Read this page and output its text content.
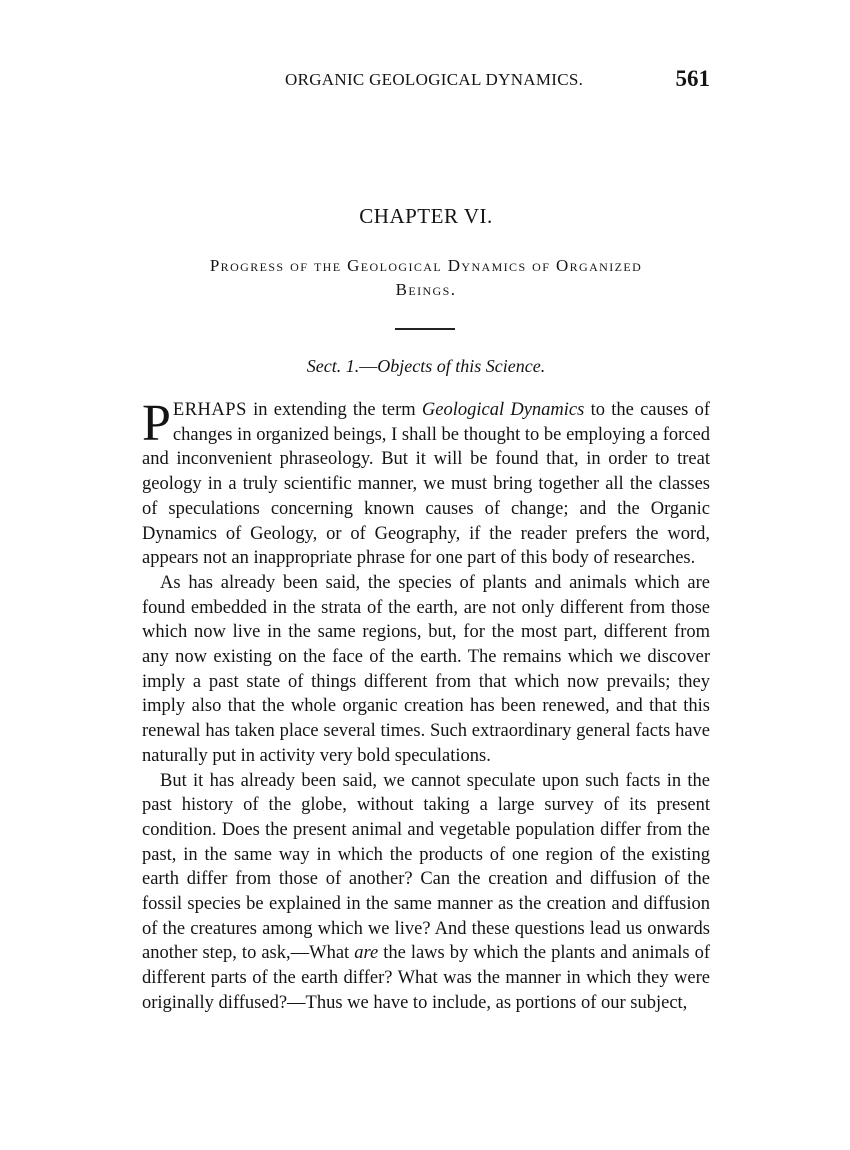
ORGANIC GEOLOGICAL DYNAMICS.	561
CHAPTER VI.
Progress of the Geological Dynamics of Organized
Beings.
Sect. 1.—Objects of this Science.

PERHAPS in extending the term Geological Dynamics to the causes of changes in organized beings, I shall be thought to be employing a forced and inconvenient phraseology. But it will be found that, in order to treat geology in a truly scientific manner, we must bring together all the classes of speculations concerning known causes of change; and the Organic Dynamics of Geology, or of Geography, if the reader prefers the word, appears not an inappropriate phrase for one part of this body of researches.

As has already been said, the species of plants and animals which are found embedded in the strata of the earth, are not only different from those which now live in the same regions, but, for the most part, different from any now existing on the face of the earth. The remains which we discover imply a past state of things different from that which now prevails; they imply also that the whole organic creation has been renewed, and that this renewal has taken place several times. Such extraordinary general facts have naturally put in activity very bold speculations.

But it has already been said, we cannot speculate upon such facts in the past history of the globe, without taking a large survey of its present condition. Does the present animal and vegetable population differ from the past, in the same way in which the products of one region of the existing earth differ from those of another? Can the creation and diffusion of the fossil species be explained in the same manner as the creation and diffusion of the creatures among which we live? And these questions lead us onwards another step, to ask,—What are the laws by which the plants and animals of different parts of the earth differ? What was the manner in which they were originally diffused?—Thus we have to include, as portions of our subject,
